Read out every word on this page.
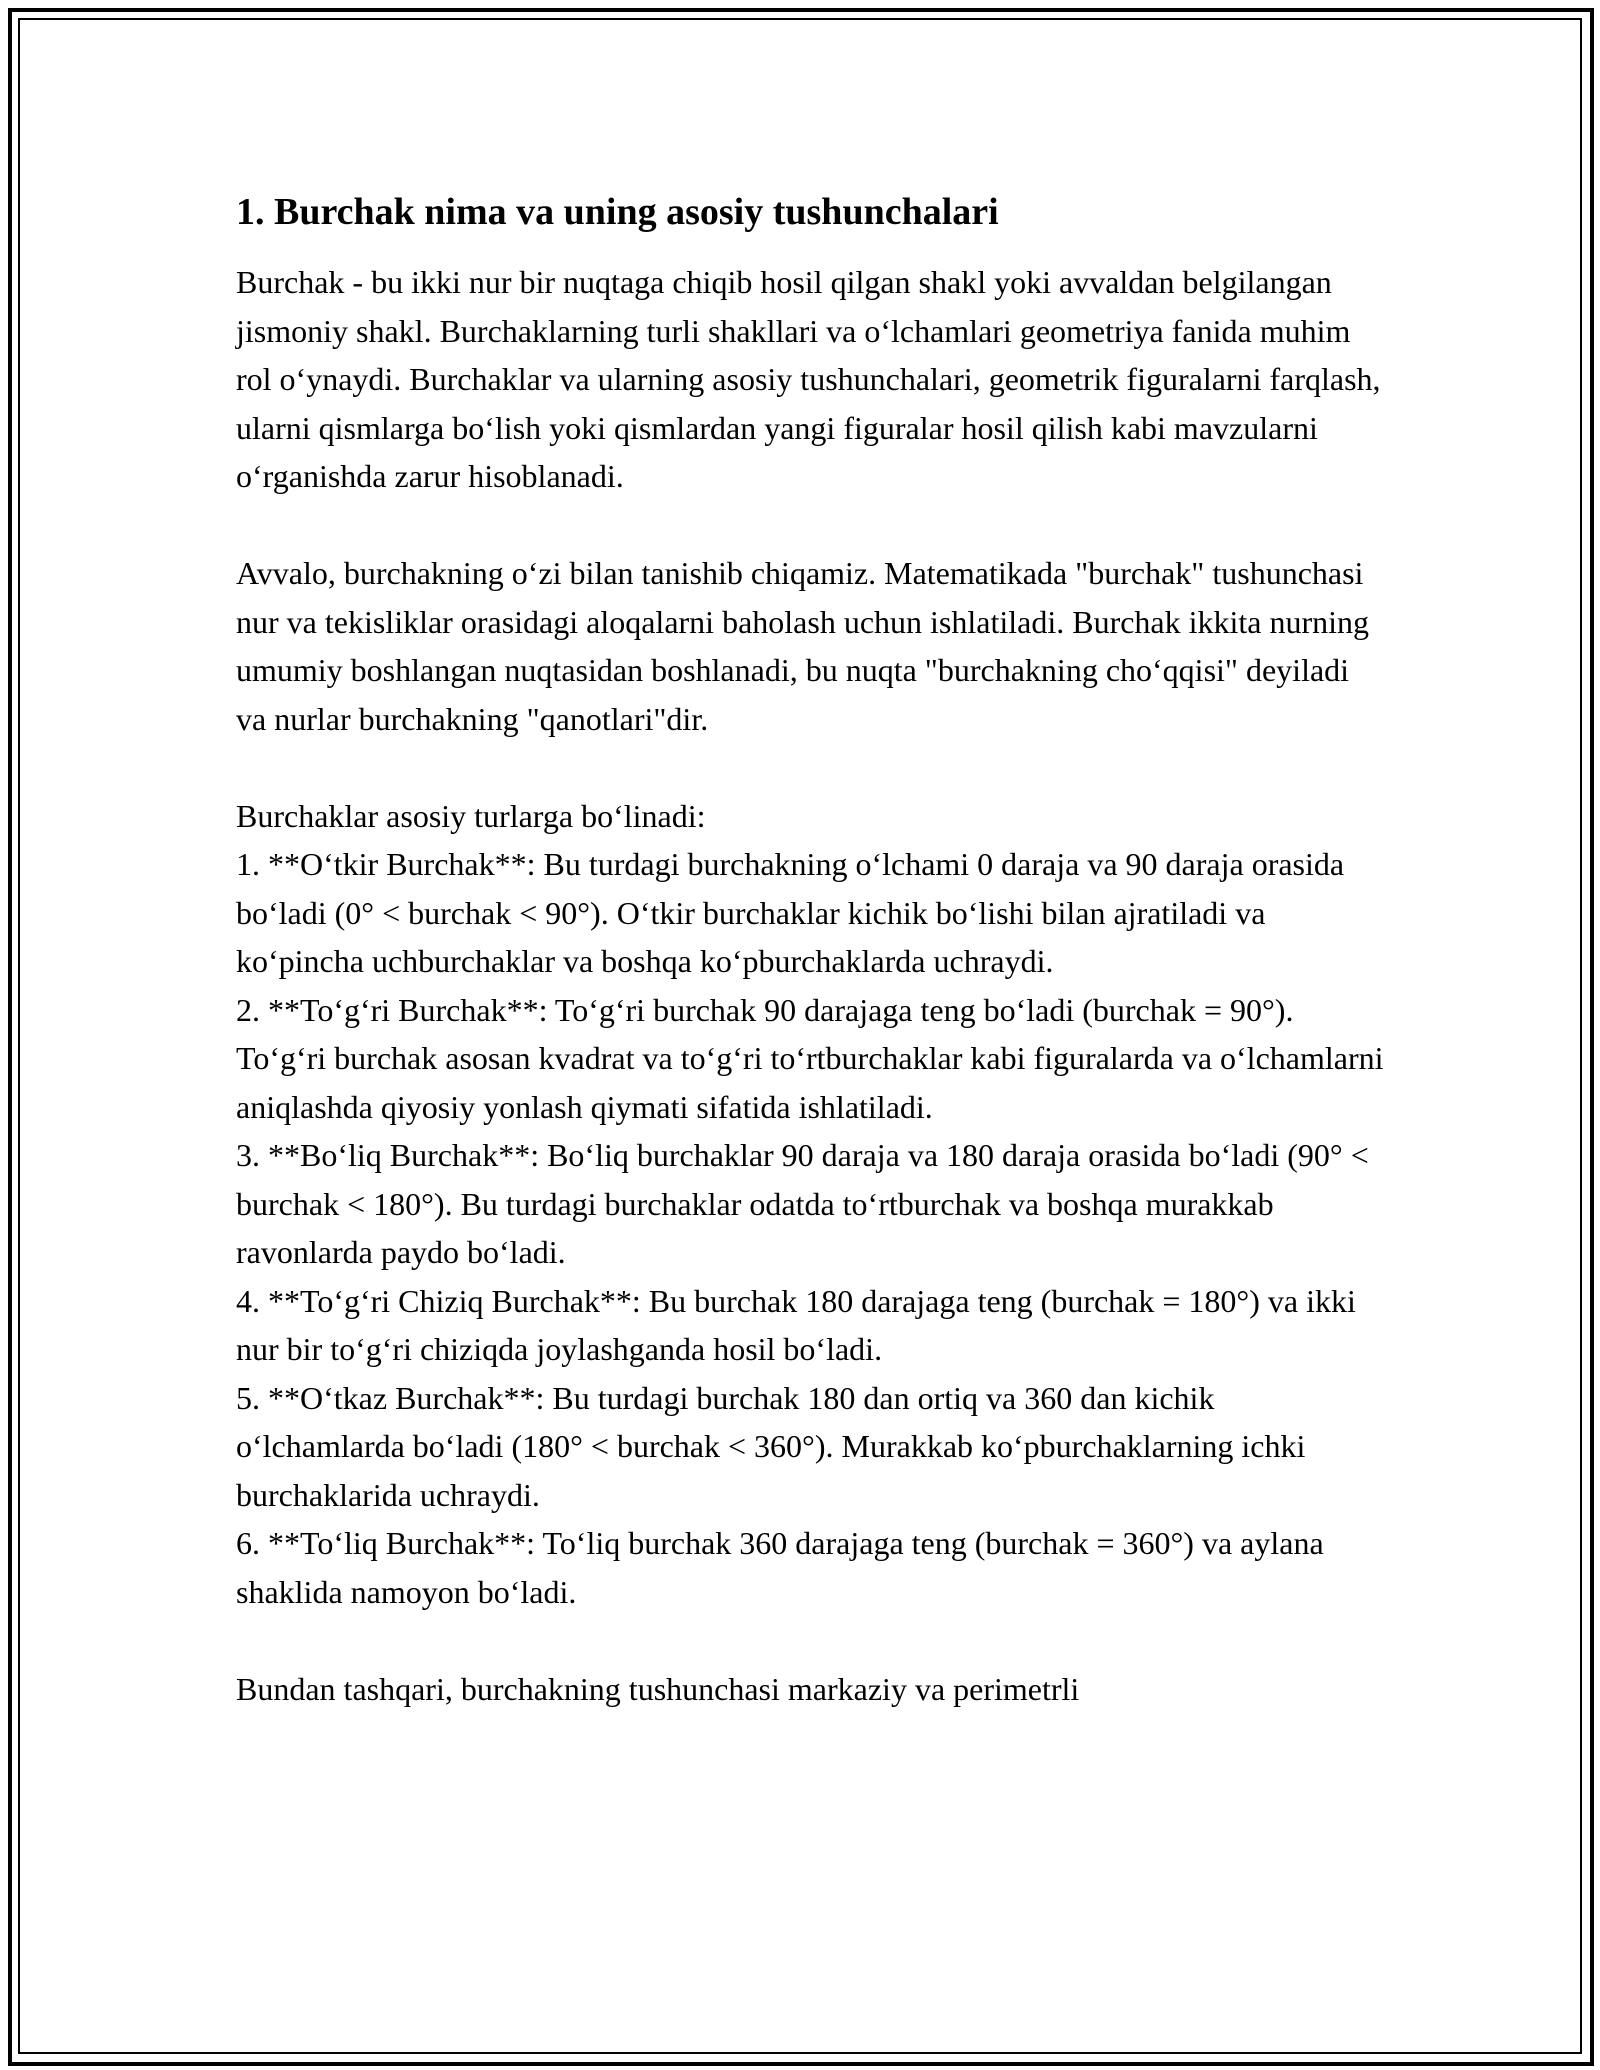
1. Burchak nima va uning asosiy tushunchalari

Burchak - bu ikki nur bir nuqtaga chiqib hosil qilgan shakl yoki avvaldan belgilangan jismoniy shakl. Burchaklarning turli shakllari va o‘lchamlari geometriya fanida muhim rol o‘ynaydi. Burchaklar va ularning asosiy tushunchalari, geometrik figuralarni farqlash, ularni qismlarga bo‘lish yoki qismlardan yangi figuralar hosil qilish kabi mavzularni o‘rganishda zarur hisoblanadi.

Avvalo, burchakning o‘zi bilan tanishib chiqamiz. Matematikada "burchak" tushunchasi nur va tekisliklar orasidagi aloqalarni baholash uchun ishlatiladi. Burchak ikkita nurning umumiy boshlangan nuqtasidan boshlanadi, bu nuqta "burchakning cho‘qqisi" deyiladi va nurlar burchakning "qanotlari"dir.

Burchaklar asosiy turlarga bo‘linadi:
1. **O‘tkir Burchak**: Bu turdagi burchakning o‘lchami 0 daraja va 90 daraja orasida bo‘ladi (0° < burchak < 90°). O‘tkir burchaklar kichik bo‘lishi bilan ajratiladi va ko‘pincha uchburchaklar va boshqa ko‘pburchaklarda uchraydi.
2. **To‘g‘ri Burchak**: To‘g‘ri burchak 90 darajaga teng bo‘ladi (burchak = 90°). To‘g‘ri burchak asosan kvadrat va to‘g‘ri to‘rtburchaklar kabi figuralarda va o‘lchamlarni aniqlashda qiyosiy yonlash qiymati sifatida ishlatiladi.
3. **Bo‘liq Burchak**: Bo‘liq burchaklar 90 daraja va 180 daraja orasida bo‘ladi (90° < burchak < 180°). Bu turdagi burchaklar odatda to‘rtburchak va boshqa murakkab ravonlarda paydo bo‘ladi.
4. **To‘g‘ri Chiziq Burchak**: Bu burchak 180 darajaga teng (burchak = 180°) va ikki nur bir to‘g‘ri chiziqda joylashganda hosil bo‘ladi.
5. **O‘tkaz Burchak**: Bu turdagi burchak 180 dan ortiq va 360 dan kichik o‘lchamlarda bo‘ladi (180° < burchak < 360°). Murakkab ko‘pburchaklarning ichki burchaklarida uchraydi.
6. **To‘liq Burchak**: To‘liq burchak 360 darajaga teng (burchak = 360°) va aylana shaklida namoyon bo‘ladi.

Bundan tashqari, burchakning tushunchasi markaziy va perimetrli
